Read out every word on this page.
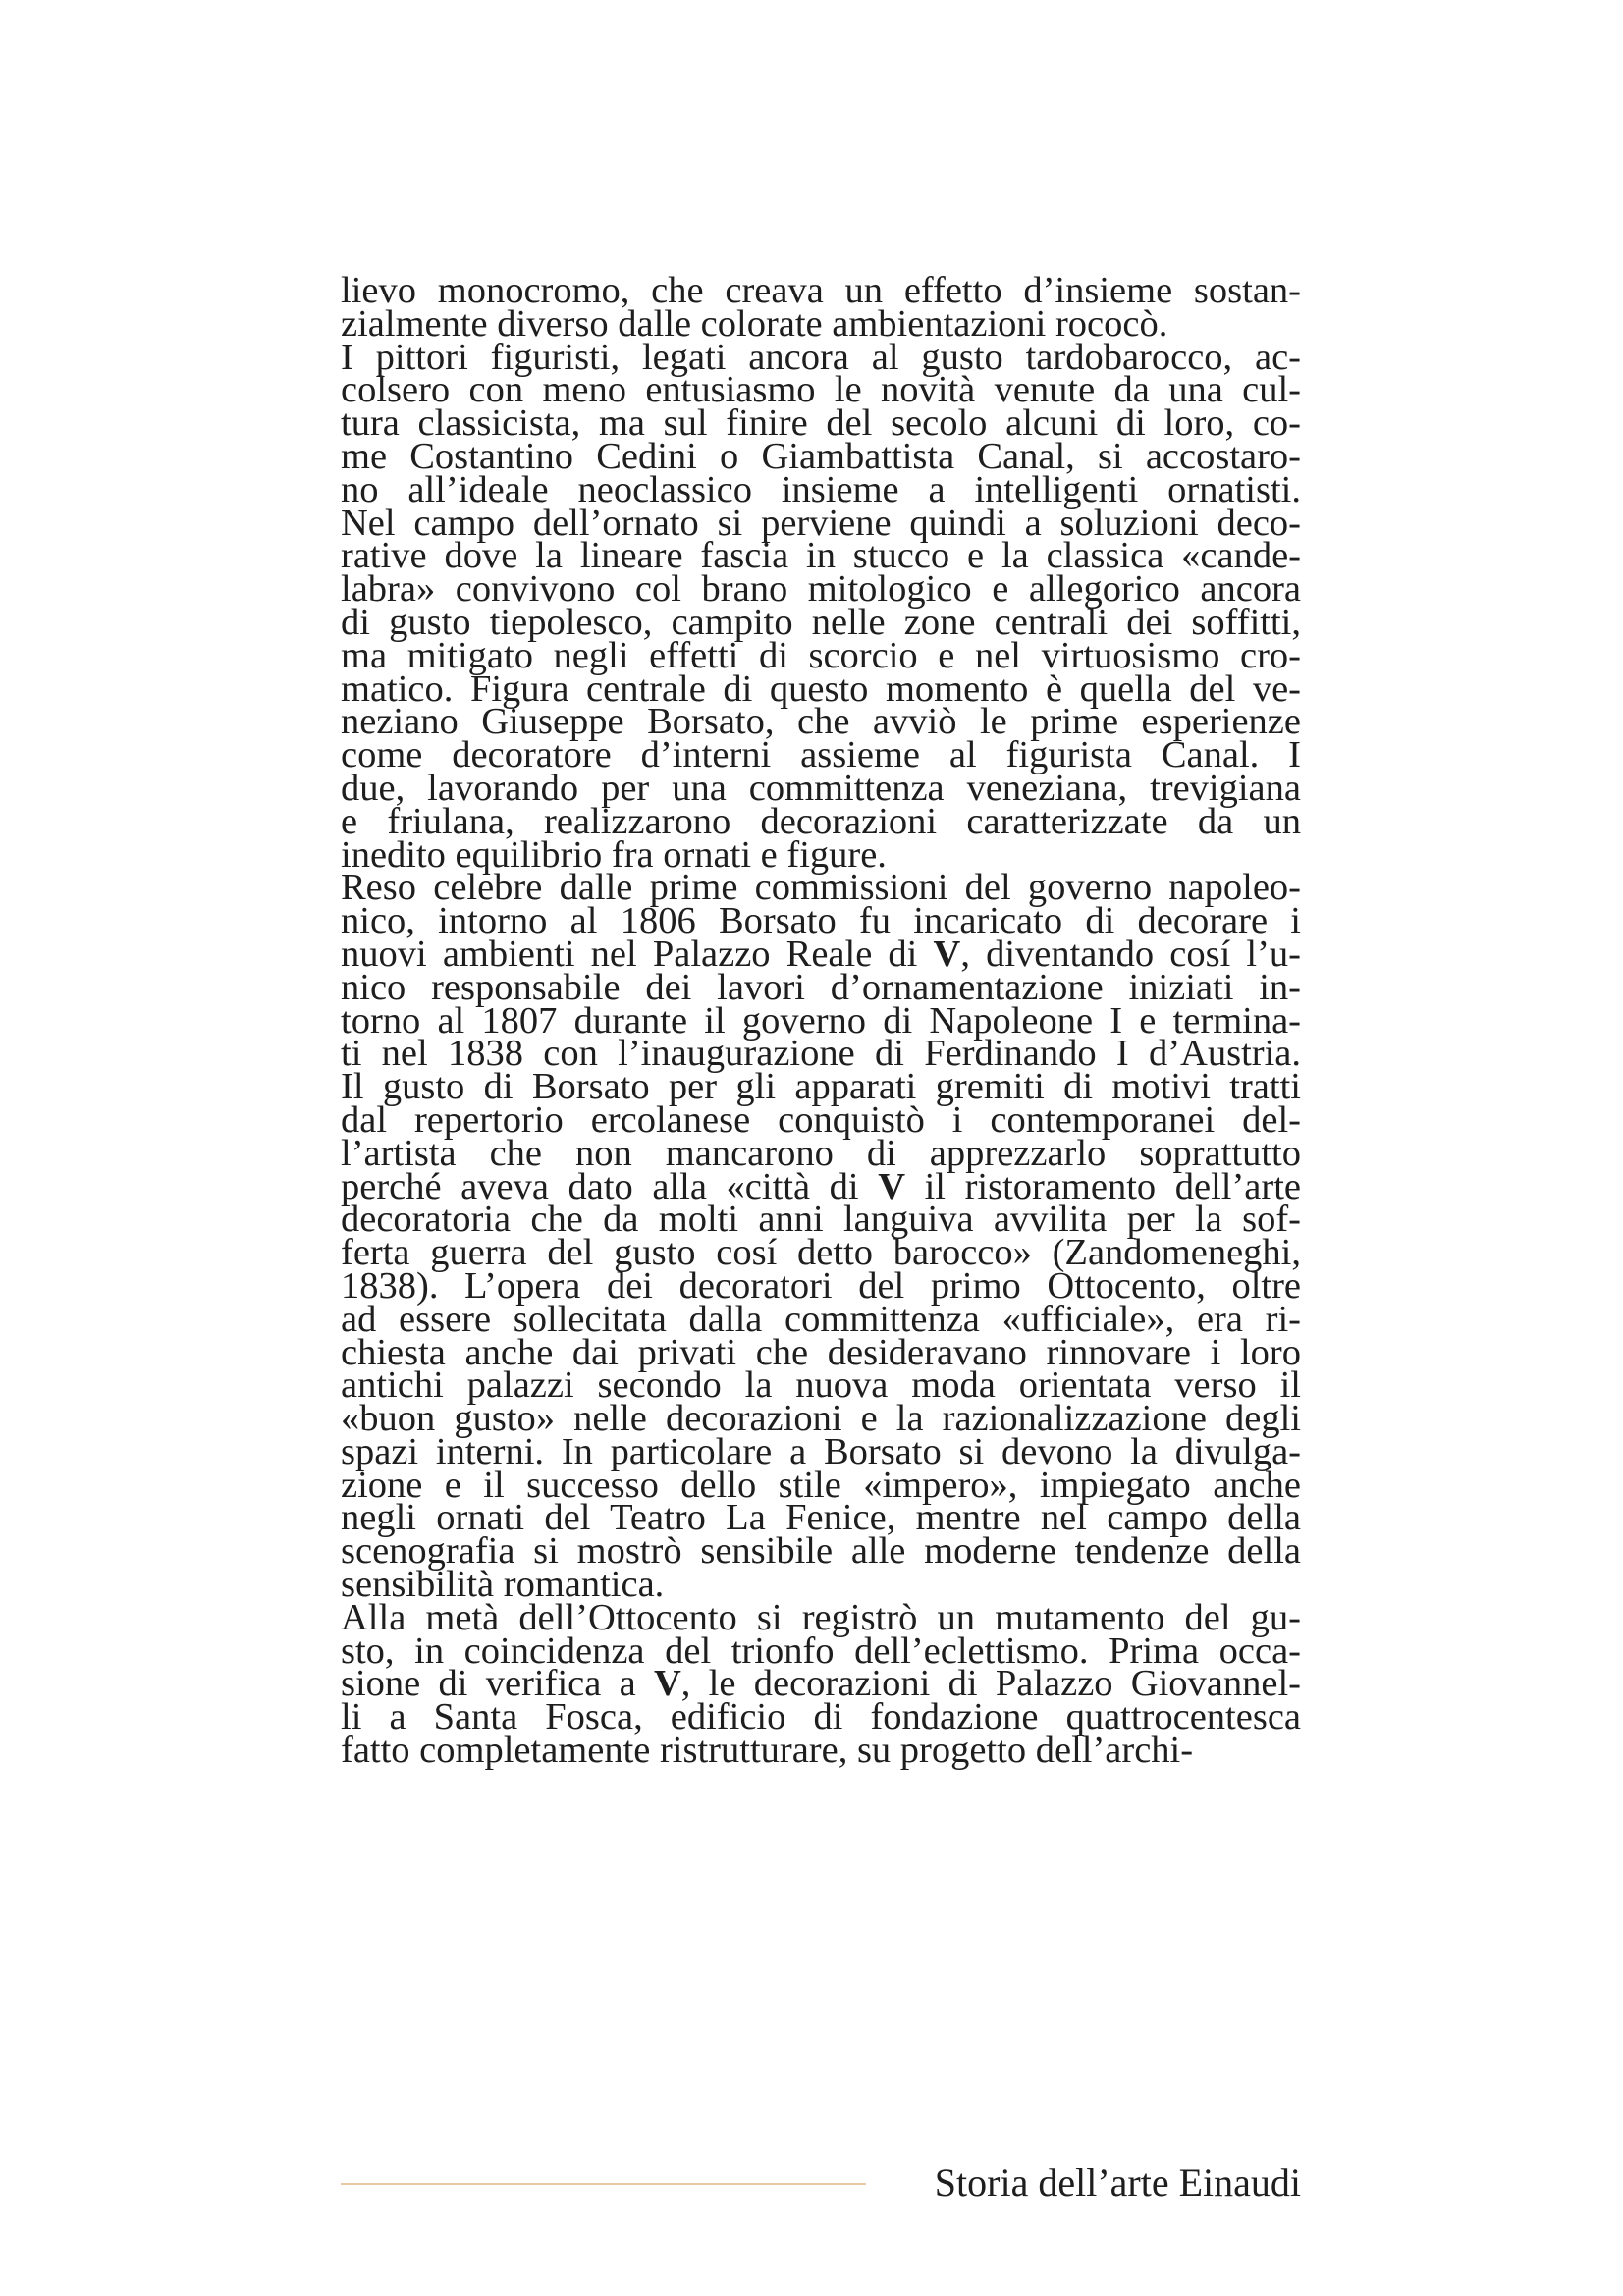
lievo monocromo, che creava un effetto d’insieme sostan-
zialmente diverso dalle colorate ambientazioni rococò.
I pittori figuristi, legati ancora al gusto tardobarocco, ac-
colsero con meno entusiasmo le novità venute da una cul-
tura classicista, ma sul finire del secolo alcuni di loro, co-
me Costantino Cedini o Giambattista Canal, si accostaro-
no all’ideale neoclassico insieme a intelligenti ornatisti.
Nel campo dell’ornato si perviene quindi a soluzioni deco-
rative dove la lineare fascia in stucco e la classica «cande-
labra» convivono col brano mitologico e allegorico ancora
di gusto tiepolesco, campito nelle zone centrali dei soffitti,
ma mitigato negli effetti di scorcio e nel virtuosismo cro-
matico. Figura centrale di questo momento è quella del ve-
neziano Giuseppe Borsato, che avviò le prime esperienze
come decoratore d’interni assieme al figurista Canal. I
due, lavorando per una committenza veneziana, trevigiana
e friulana, realizzarono decorazioni caratterizzate da un
inedito equilibrio fra ornati e figure.
Reso celebre dalle prime commissioni del governo napoleo-
nico, intorno al 1806 Borsato fu incaricato di decorare i
nuovi ambienti nel Palazzo Reale di V, diventando cosí l’u-
nico responsabile dei lavori d’ornamentazione iniziati in-
torno al 1807 durante il governo di Napoleone I e termina-
ti nel 1838 con l’inaugurazione di Ferdinando I d’Austria.
Il gusto di Borsato per gli apparati gremiti di motivi tratti
dal repertorio ercolanese conquistò i contemporanei del-
l’artista che non mancarono di apprezzarlo soprattutto
perché aveva dato alla «città di V il ristoramento dell’arte
decoratoria che da molti anni languiva avvilita per la sof-
ferta guerra del gusto cosí detto barocco» (Zandomeneghi,
1838). L’opera dei decoratori del primo Ottocento, oltre
ad essere sollecitata dalla committenza «ufficiale», era ri-
chiesta anche dai privati che desideravano rinnovare i loro
antichi palazzi secondo la nuova moda orientata verso il
«buon gusto» nelle decorazioni e la razionalizzazione degli
spazi interni. In particolare a Borsato si devono la divulga-
zione e il successo dello stile «impero», impiegato anche
negli ornati del Teatro La Fenice, mentre nel campo della
scenografia si mostrò sensibile alle moderne tendenze della
sensibilità romantica.
Alla metà dell’Ottocento si registrò un mutamento del gu-
sto, in coincidenza del trionfo dell’eclettismo. Prima occa-
sione di verifica a V, le decorazioni di Palazzo Giovannel-
li a Santa Fosca, edificio di fondazione quattrocentesca
fatto completamente ristrutturare, su progetto dell’archi-
Storia dell’arte Einaudi
